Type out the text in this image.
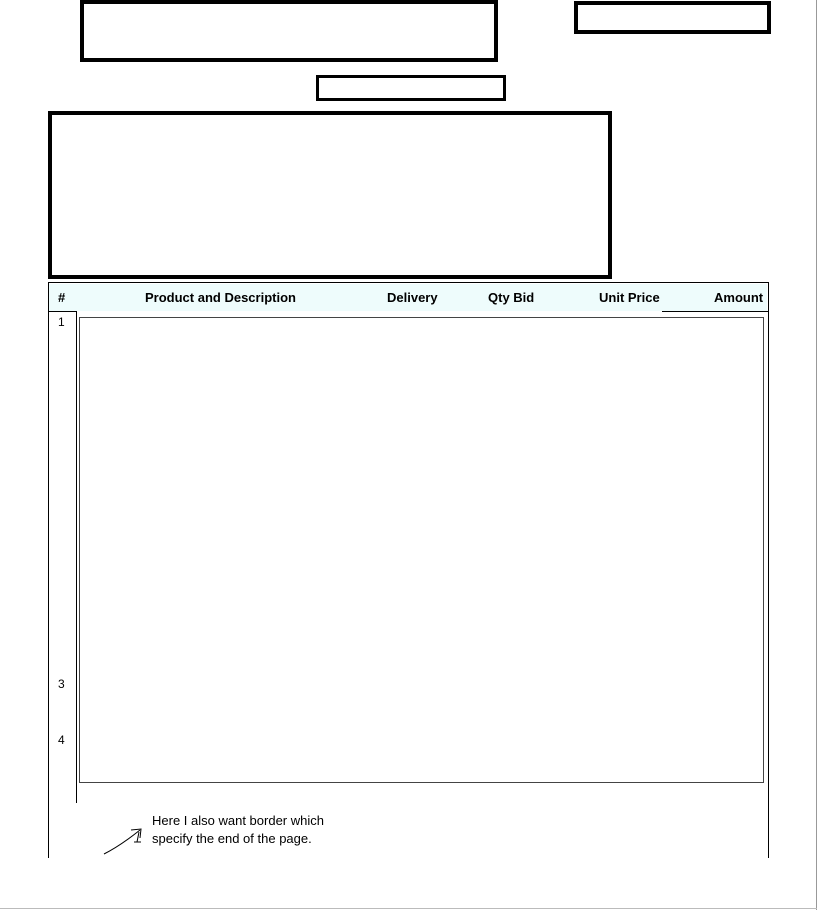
#	Product and Description	Delivery	Qty Bid	Unit Price	Amount
1
3
4
Here I also want border which
specify the end of the page.
